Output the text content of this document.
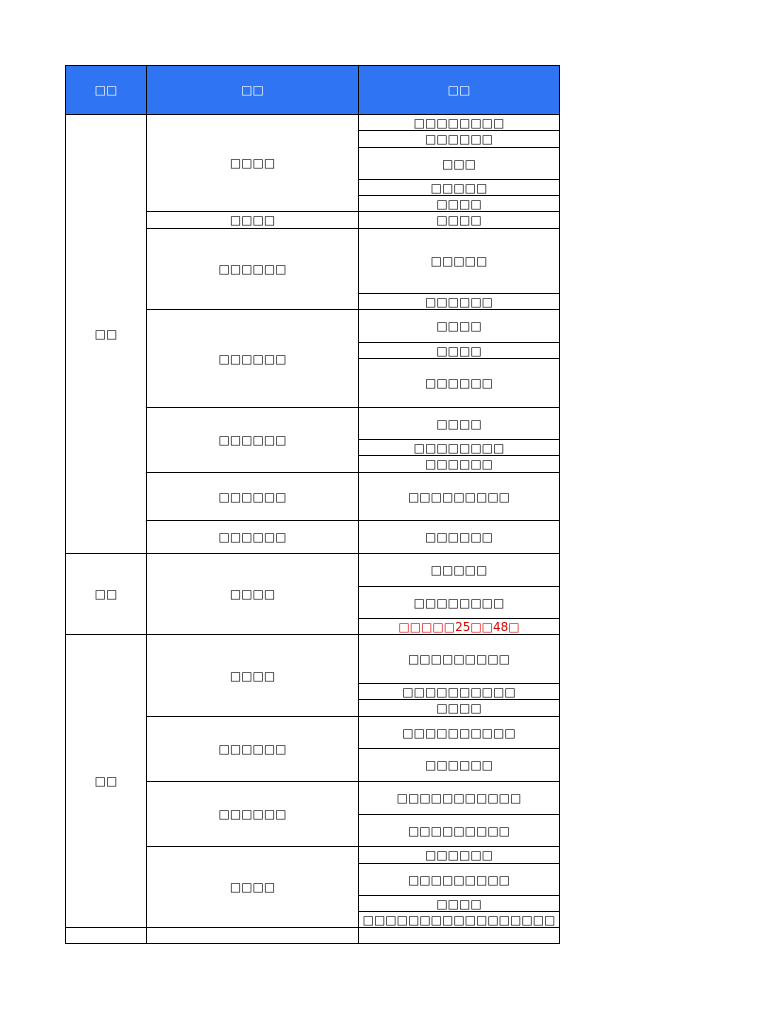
□□	□□	□□
□□	□□□□	□□□□□□□□
		□□□□□□
		□□□
		□□□□□
		□□□□
	□□□□	□□□□
	□□□□□□	□□□□□
		□□□□□□
	□□□□□□	□□□□
		□□□□
		□□□□□□
	□□□□□□	□□□□
		□□□□□□□□
		□□□□□□
	□□□□□□	□□□□□□□□□
	□□□□□□	□□□□□□
□□	□□□□	□□□□□
		□□□□□□□□
		□□□□□25□□48□
□□	□□□□	□□□□□□□□□
		□□□□□□□□□□
		□□□□
	□□□□□□	□□□□□□□□□□
		□□□□□□
	□□□□□□	□□□□□□□□□□□
		□□□□□□□□□
	□□□□	□□□□□□
		□□□□□□□□□
		□□□□
		□□□□□□□□□□□□□□□□□
